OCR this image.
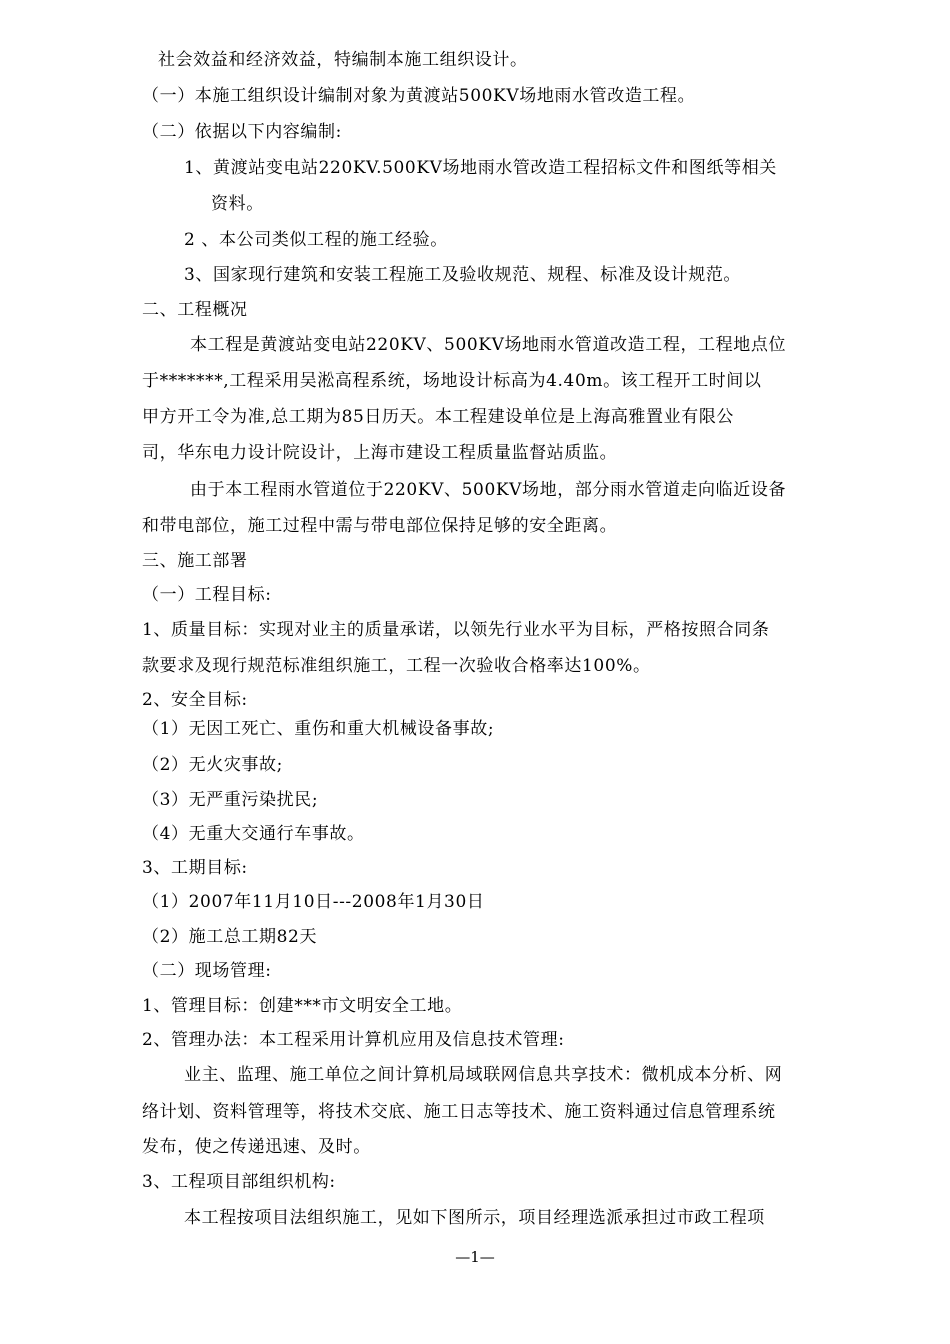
社会效益和经济效益，特编制本施工组织设计。
（一）本施工组织设计编制对象为黄渡站500KV场地雨水管改造工程。
（二）依据以下内容编制:
1、黄渡站变电站220KV.500KV场地雨水管改造工程招标文件和图纸等相关
资料。
2 、本公司类似工程的施工经验。
3、国家现行建筑和安装工程施工及验收规范、规程、标准及设计规范。
二、工程概况
本工程是黄渡站变电站220KV、500KV场地雨水管道改造工程，工程地点位
于*******,工程采用吴淞高程系统，场地设计标高为4.40m。该工程开工时间以
甲方开工令为准,总工期为85日历天。本工程建设单位是上海高雅置业有限公
司，华东电力设计院设计，上海市建设工程质量监督站质监。
由于本工程雨水管道位于220KV、500KV场地，部分雨水管道走向临近设备
和带电部位，施工过程中需与带电部位保持足够的安全距离。
三、施工部署
（一）工程目标:
1、质量目标：实现对业主的质量承诺，以领先行业水平为目标，严格按照合同条
款要求及现行规范标准组织施工，工程一次验收合格率达100%。
2、安全目标:
（1）无因工死亡、重伤和重大机械设备事故;
（2）无火灾事故;
（3）无严重污染扰民;
（4）无重大交通行车事故。
3、工期目标:
（1）2007年11月10日---2008年1月30日
（2）施工总工期82天
（二）现场管理:
1、管理目标：创建***市文明安全工地。
2、管理办法：本工程采用计算机应用及信息技术管理:
业主、监理、施工单位之间计算机局域联网信息共享技术：微机成本分析、网
络计划、资料管理等，将技术交底、施工日志等技术、施工资料通过信息管理系统
发布，使之传递迅速、及时。
3、工程项目部组织机构:
本工程按项目法组织施工，见如下图所示，项目经理选派承担过市政工程项
—1—
